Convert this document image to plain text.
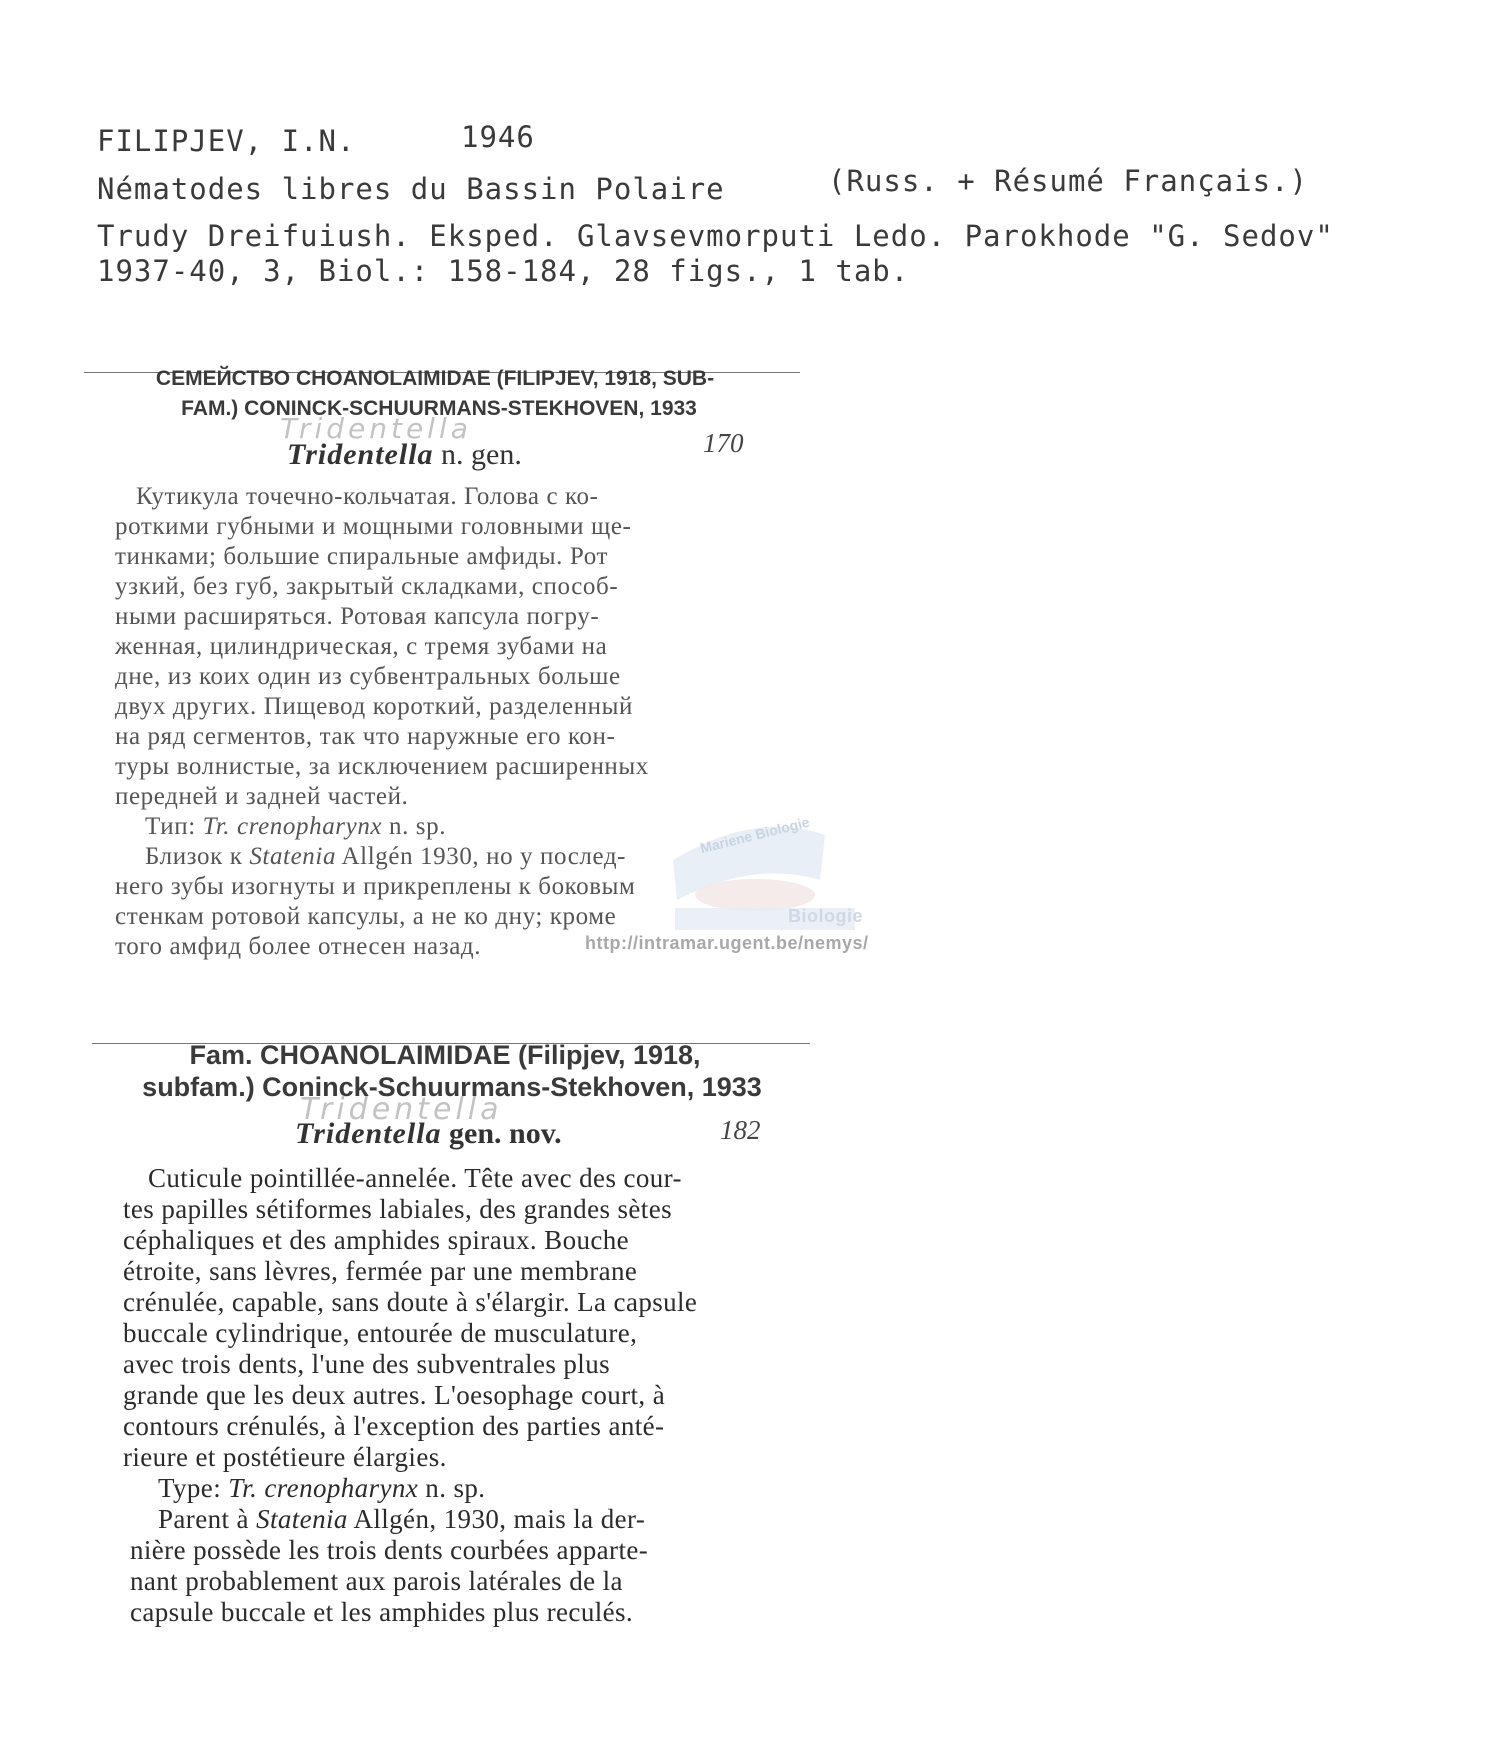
FILIPJEV, I.N.	1946
Nématodes libres du Bassin Polaire	(Russ. + Résumé Français.)
Trudy Dreifuiush. Eksped. Glavsevmorputi Ledo. Parokhode "G. Sedov"
1937-40, 3, Biol.: 158-184, 28 figs., 1 tab.
СЕМЕЙСТВО CHOANOLAIMIDAE (FILIPJEV, 1918, SUB-
FAM.) CONINCK-SCHUURMANS-STEKHOVEN, 1933
Tridentella
Tridentella n. gen.	170
Кутикула точечно-кольчатая. Голова с ко-
роткими губными и мощными головными ще-
тинками; большие спиральные амфиды. Рот
узкий, без губ, закрытый складками, способ-
ными расширяться. Ротовая капсула погру-
женная, цилиндрическая, с тремя зубами на
дне, из коих один из субвентральных больше
двух других. Пищевод короткий, разделенный
на ряд сегментов, так что наружные его кон-
туры волнистые, за исключением расширенных
передней и задней частей.
Тип: Tr. crenopharynx n. sp.
Близок к Statenia Allgén 1930, но у послед-
него зубы изогнуты и прикреплены к боковым
стенкам ротовой капсулы, а не ко дну; кроме
того амфид более отнесен назад.
Mariene Biologie
Biologie
http://intramar.ugent.be/nemys/
Fam. CHOANOLAIMIDAE (Filipjev, 1918,
subfam.) Coninck-Schuurmans-Stekhoven, 1933
Tridentella
Tridentella gen. nov.	182
Cuticule pointillée-annelée. Tête avec des cour-
tes papilles sétiformes labiales, des grandes sètes
céphaliques et des amphides spiraux. Bouche
étroite, sans lèvres, fermée par une membrane
crénulée, capable, sans doute à s'élargir. La capsule
buccale cylindrique, entourée de musculature,
avec trois dents, l'une des subventrales plus
grande que les deux autres. L'oesophage court, à
contours crénulés, à l'exception des parties anté-
rieure et postétieure élargies.
Type: Tr. crenopharynx n. sp.
Parent à Statenia Allgén, 1930, mais la der-
nière possède les trois dents courbées apparte-
nant probablement aux parois latérales de la
capsule buccale et les amphides plus reculés.
